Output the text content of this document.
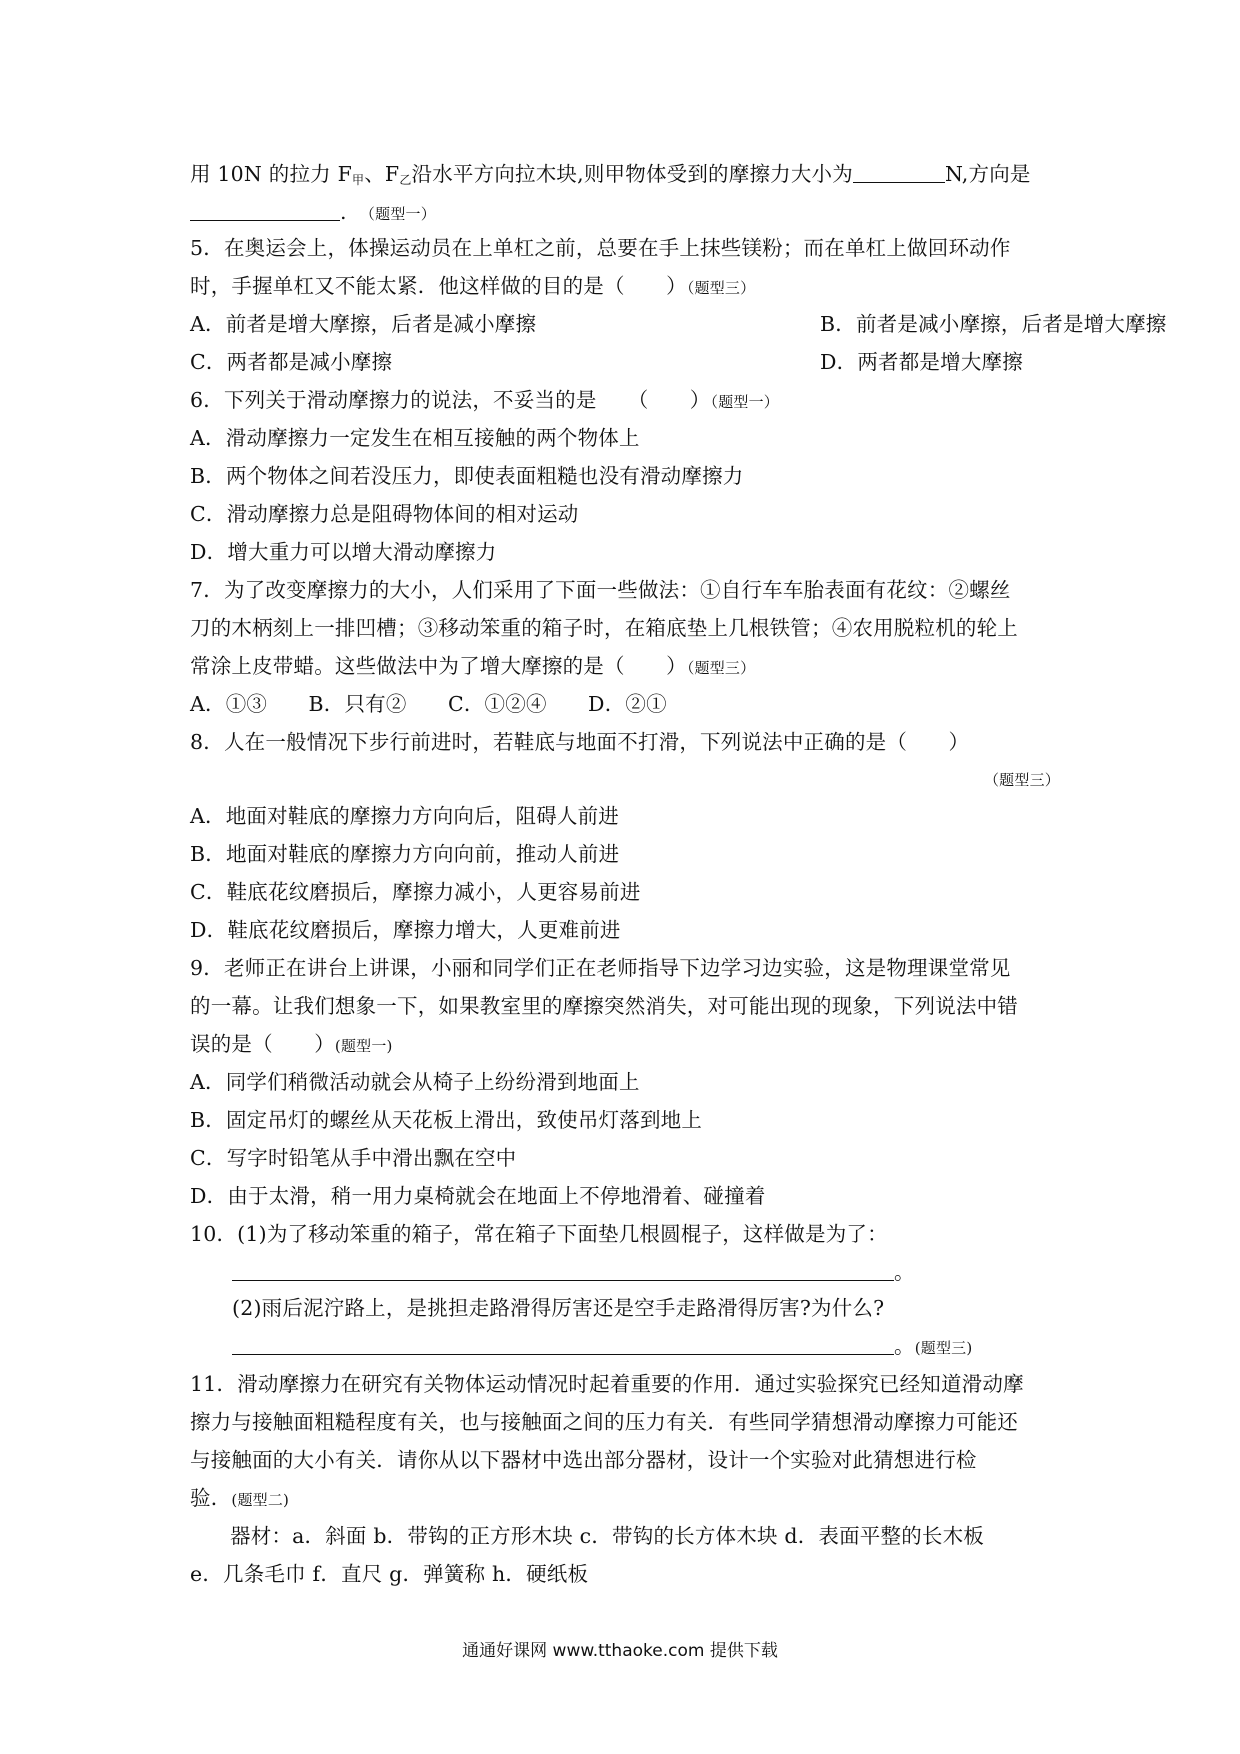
用 10N 的拉力 $F_甲$、$F_乙$沿水平方向拉木块,则甲物体受到的摩擦力大小为	N,方向是
.　 （题型一）
5．在奥运会上，体操运动员在上单杠之前，总要在手上抹些镁粉；而在单杠上做回环动作
时，手握单杠又不能太紧．他这样做的目的是（　　）（题型三）
A．前者是增大摩擦，后者是减小摩擦	B．前者是减小摩擦，后者是增大摩擦
C．两者都是减小摩擦	D．两者都是增大摩擦
6．下列关于滑动摩擦力的说法，不妥当的是　　（　　）（题型一）
A．滑动摩擦力一定发生在相互接触的两个物体上
B．两个物体之间若没压力，即使表面粗糙也没有滑动摩擦力
C．滑动摩擦力总是阻碍物体间的相对运动
D．增大重力可以增大滑动摩擦力
7．为了改变摩擦力的大小，人们采用了下面一些做法：①自行车车胎表面有花纹：②螺丝
刀的木柄刻上一排凹槽；③移动笨重的箱子时，在箱底垫上几根铁管；④农用脱粒机的轮上
常涂上皮带蜡。这些做法中为了增大摩擦的是（　　）（题型三）
A．①③　　B．只有②　　C．①②④　　D．②①
8．人在一般情况下步行前进时，若鞋底与地面不打滑，下列说法中正确的是（　　）
（题型三）
A．地面对鞋底的摩擦力方向向后，阻碍人前进
B．地面对鞋底的摩擦力方向向前，推动人前进
C．鞋底花纹磨损后，摩擦力减小，人更容易前进
D．鞋底花纹磨损后，摩擦力增大，人更难前进
9．老师正在讲台上讲课，小丽和同学们正在老师指导下边学习边实验，这是物理课堂常见
的一幕。让我们想象一下，如果教室里的摩擦突然消失，对可能出现的现象，下列说法中错
误的是（　　）(题型一)
A．同学们稍微活动就会从椅子上纷纷滑到地面上
B．固定吊灯的螺丝从天花板上滑出，致使吊灯落到地上
C．写字时铅笔从手中滑出飘在空中
D．由于太滑，稍一用力桌椅就会在地面上不停地滑着、碰撞着
10．(1)为了移动笨重的箱子，常在箱子下面垫几根圆棍子，这样做是为了：
。
(2)雨后泥泞路上，是挑担走路滑得厉害还是空手走路滑得厉害?为什么?
。(题型三)
11．滑动摩擦力在研究有关物体运动情况时起着重要的作用．通过实验探究已经知道滑动摩
擦力与接触面粗糙程度有关，也与接触面之间的压力有关．有些同学猜想滑动摩擦力可能还
与接触面的大小有关．请你从以下器材中选出部分器材，设计一个实验对此猜想进行检
验．(题型二)
器材：a．斜面 b．带钩的正方形木块 c．带钩的长方体木块 d．表面平整的长木板
e．几条毛巾 f．直尺 g．弹簧称 h．硬纸板
通通好课网 www.tthaoke.com 提供下载
